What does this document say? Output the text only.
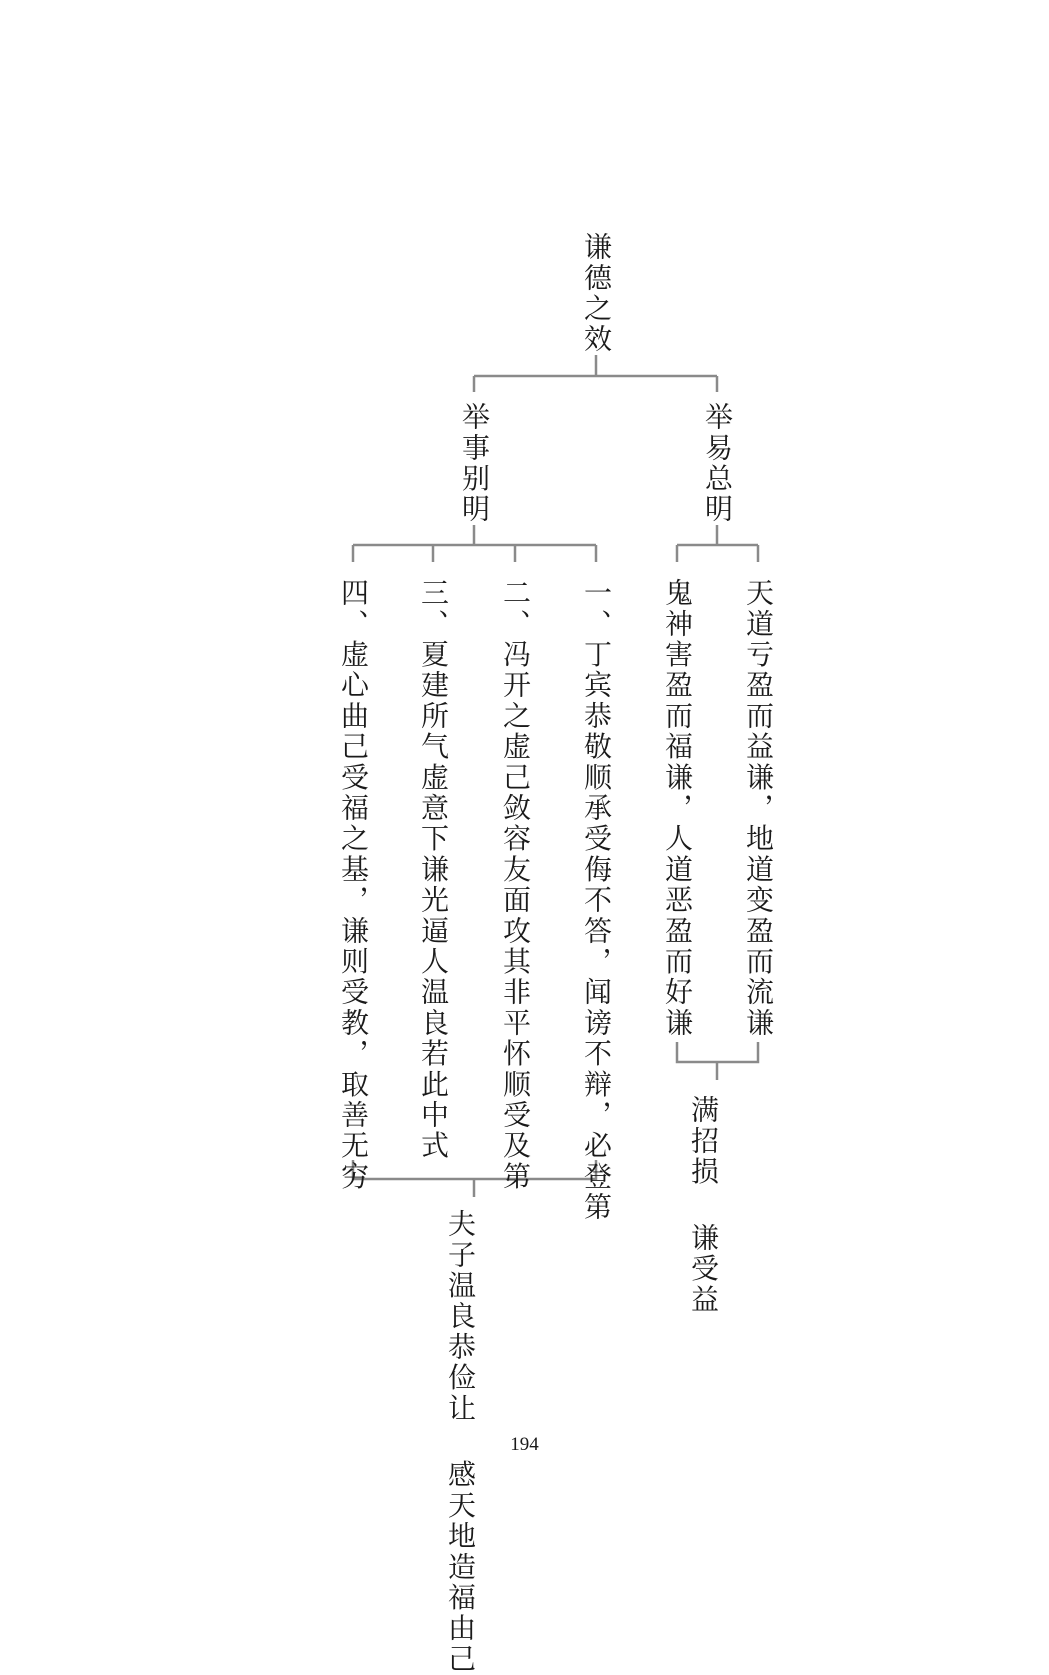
谦德之效
举易总明
举事别明
天道亏盈而益谦，地道变盈而流谦
鬼神害盈而福谦，人道恶盈而好谦
满招损 谦受益
一、丁宾恭敬顺承受侮不答，闻谤不辩，必登第
二、冯开之虚己敛容友面攻其非平怀顺受及第
三、夏建所气虚意下谦光逼人温良若此中式
四、虚心曲己受福之基，谦则受教，取善无穷
夫子温良恭俭让 感天地造福由己
194
